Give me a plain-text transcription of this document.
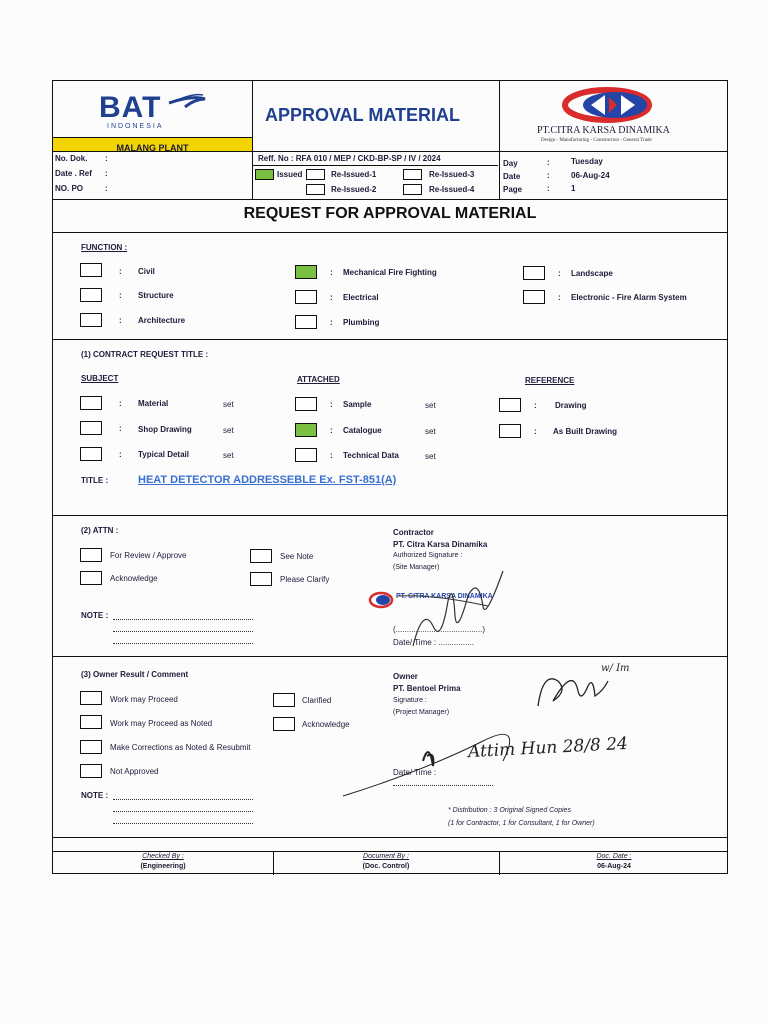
BAT
INDONESIA
MALANG PLANT
APPROVAL MATERIAL
PT.CITRA KARSA DINAMIKA
Design - Manufacturing - Construction - General Trade
No. Dok. :
Date . Ref :
NO. PO	:
Reff. No : RFA 010 / MEP / CKD-BP-SP / IV / 2024
Issued	Re-Issued-1	Re-Issued-3
Re-Issued-2	Re-Issued-4
Day	:	Tuesday
Date	:	06-Aug-24
Page	:	1
REQUEST FOR APPROVAL MATERIAL
FUNCTION :
: Civil
: Structure
: Architecture
: Mechanical Fire Fighting
: Electrical
: Plumbing
: Landscape
: Electronic - Fire Alarm System
(1) CONTRACT REQUEST TITLE :
SUBJECT	ATTACHED	REFERENCE
: Material	set
: Shop Drawing	set
: Typical Detail	set
: Sample	set
: Catalogue	set
: Technical Data	set
: Drawing
: As Built Drawing
TITLE :	HEAT DETECTOR ADDRESSEBLE Ex. FST-851(A)
(2) ATTN :
For Review / Approve
Acknowledge
See Note
Please Clarify
NOTE :
Contractor
PT. Citra Karsa Dinamika
Authorized Signature :
(Site Manager)
PT. CITRA KARSA DINAMIKA
(.......................................)
Date/ Time : ................
(3) Owner Result / Comment
Work may Proceed
Work may Proceed as Noted
Make Corrections as Noted & Resubmit
Not Approved
Clarified
Acknowledge
NOTE :
Owner
PT. Bentoel Prima
Signature :
(Project Manager)
Date/ Time :
w/ Im
Attim Hun 28/8 24
* Distribution : 3 Original Signed Copies
(1 for Contractor, 1 for Consultant, 1 for Owner)
Checked By :
(Engineering)
Document By :
(Doc. Control)
Doc. Date :
06-Aug-24
